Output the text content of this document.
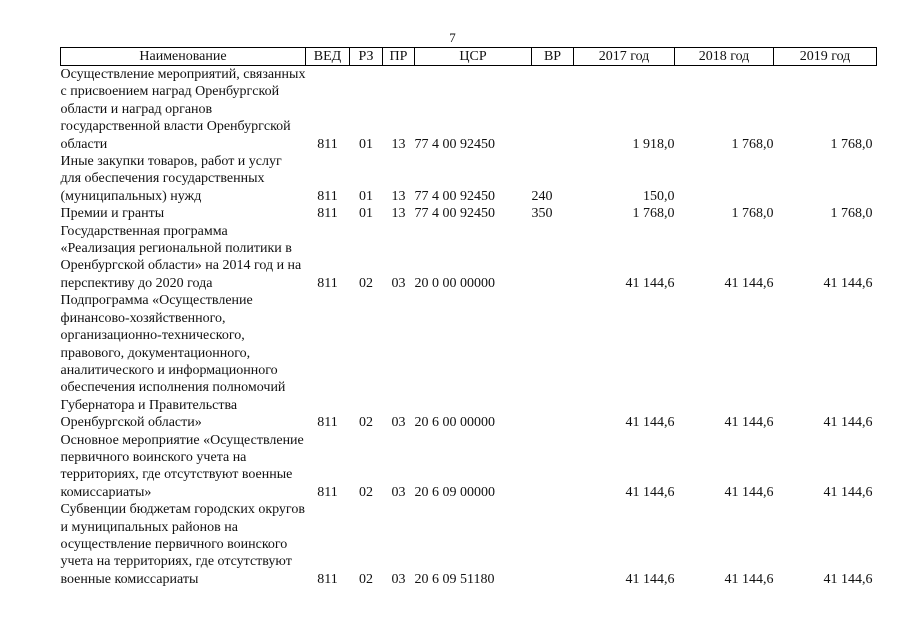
7
Наименование	ВЕД	РЗ	ПР	ЦСР	ВР	2017 год	2018 год	2019 год

Осуществление мероприятий, связанных с присвоением наград Оренбургской области и наград органов государственной власти Оренбургской области	811	01	13	77 4 00 92450		1 918,0	1 768,0	1 768,0

Иные закупки товаров, работ и услуг для обеспечения государственных (муниципальных) нужд	811	01	13	77 4 00 92450	240	150,0		

Премии и гранты	811	01	13	77 4 00 92450	350	1 768,0	1 768,0	1 768,0

Государственная программа «Реализация региональной политики в Оренбургской области» на 2014 год и на перспективу до 2020 года	811	02	03	20 0 00 00000		41 144,6	41 144,6	41 144,6

Подпрограмма «Осуществление финансово-хозяйственного, организационно-технического, правового, документационного, аналитического и информационного обеспечения исполнения полномочий Губернатора и Правительства Оренбургской области»	811	02	03	20 6 00 00000		41 144,6	41 144,6	41 144,6

Основное мероприятие «Осуществление первичного воинского учета на территориях, где отсутствуют военные комиссариаты»	811	02	03	20 6 09 00000		41 144,6	41 144,6	41 144,6

Субвенции бюджетам городских округов и муниципальных районов на осуществление первичного воинского учета на территориях, где отсутствуют военные комиссариаты	811	02	03	20 6 09 51180		41 144,6	41 144,6	41 144,6
